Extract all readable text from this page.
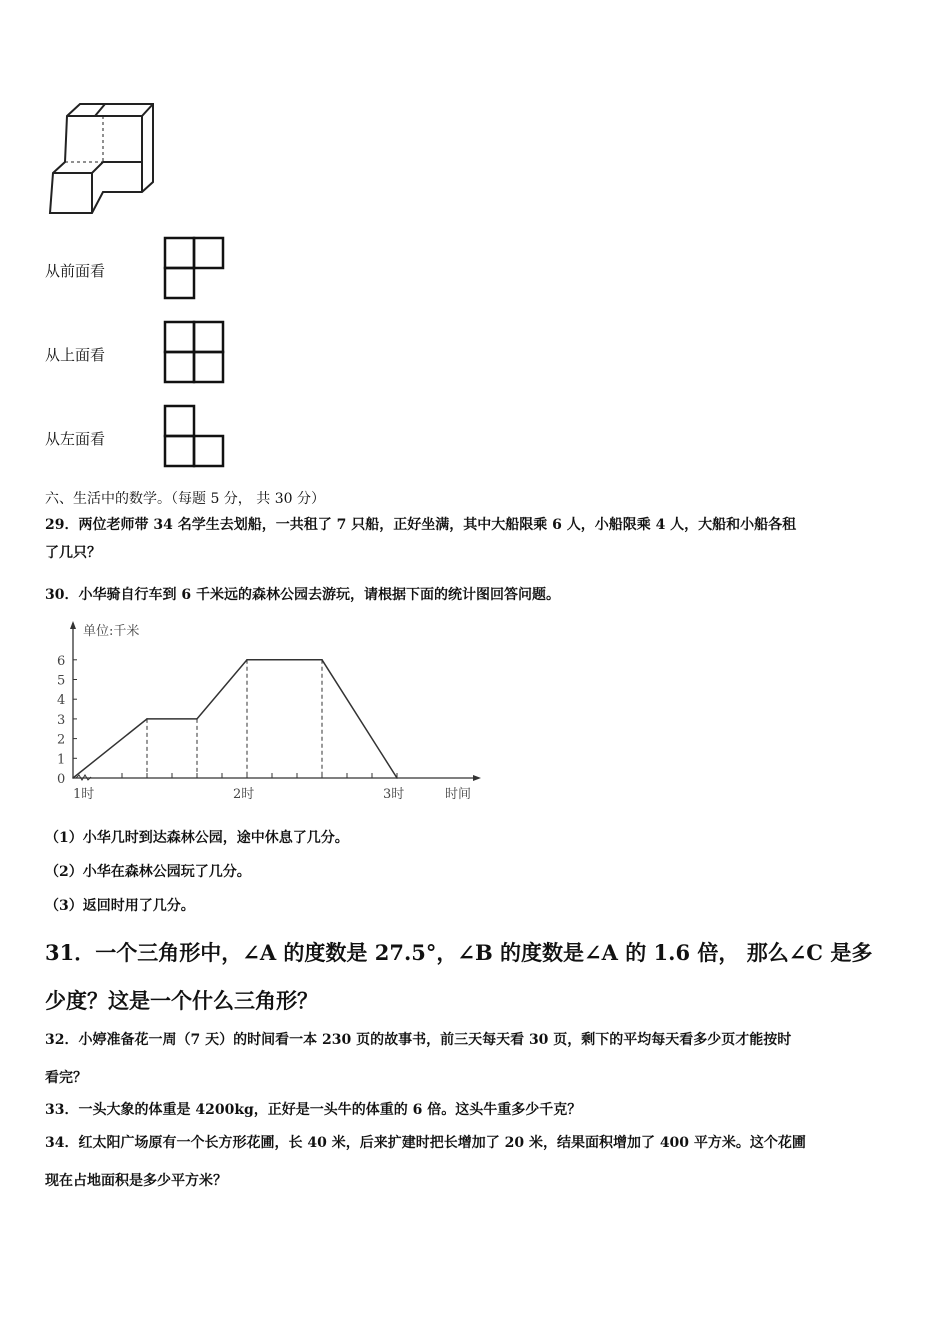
从前面看
从上面看
从左面看
六、生活中的数学。（每题 5 分， 共 30 分）
29．两位老师带 34 名学生去划船，一共租了 7 只船，正好坐满，其中大船限乘 6 人，小船限乘 4 人，大船和小船各租
了几只？
30．小华骑自行车到 6 千米远的森林公园去游玩，请根据下面的统计图回答问题。
单位:千米
0
1
2
3
4
5
6
1时	2时	3时	时间
（1）小华几时到达森林公园，途中休息了几分。
（2）小华在森林公园玩了几分。
（3）返回时用了几分。
31．一个三角形中，∠A 的度数是 27.5°，∠B 的度数是∠A 的 1.6 倍， 那么∠C 是多
少度？这是一个什么三角形？
32．小婷准备花一周（7 天）的时间看一本 230 页的故事书，前三天每天看 30 页，剩下的平均每天看多少页才能按时
看完？
33．一头大象的体重是 4200kg，正好是一头牛的体重的 6 倍。这头牛重多少千克？
34．红太阳广场原有一个长方形花圃，长 40 米，后来扩建时把长增加了 20 米，结果面积增加了 400 平方米。这个花圃
现在占地面积是多少平方米？
